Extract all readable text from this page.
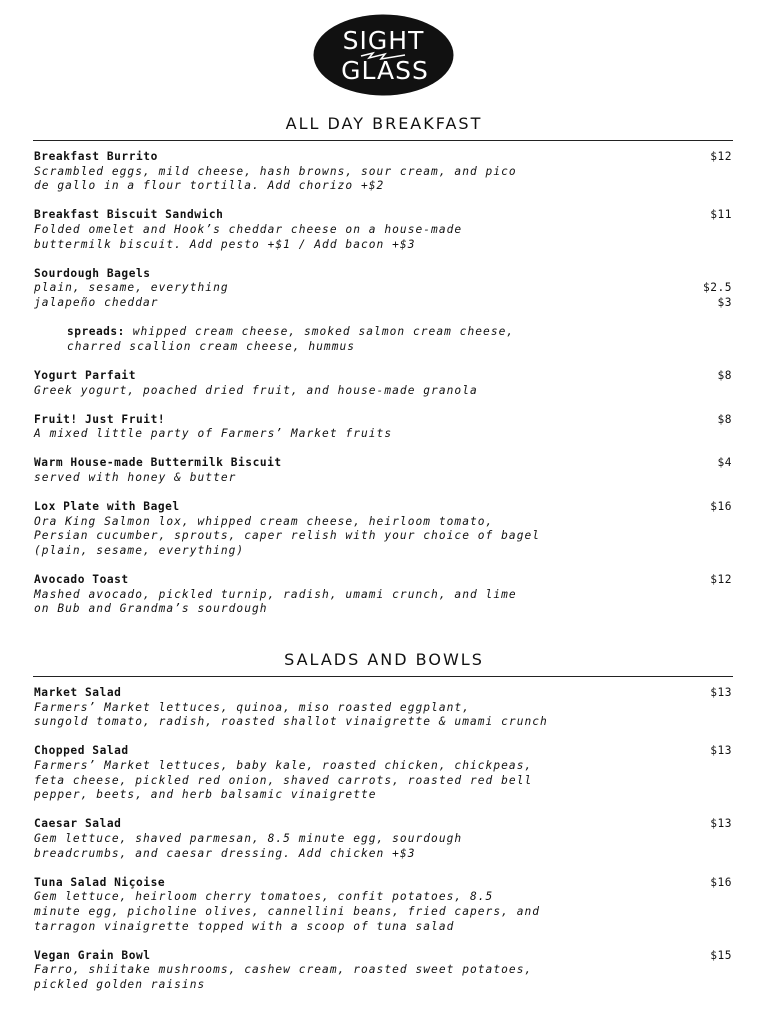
SIGHT
GLASS
ALL DAY BREAKFAST
Breakfast Burrito	$12
Scrambled eggs, mild cheese, hash browns, sour cream, and pico
de gallo in a flour tortilla. Add chorizo +$2
Breakfast Biscuit Sandwich	$11
Folded omelet and Hook’s cheddar cheese on a house-made
buttermilk biscuit. Add pesto +$1 / Add bacon +$3
Sourdough Bagels
plain, sesame, everything	$2.5
jalapeño cheddar	$3
spreads: whipped cream cheese, smoked salmon cream cheese,
charred scallion cream cheese, hummus
Yogurt Parfait	$8
Greek yogurt, poached dried fruit, and house-made granola
Fruit! Just Fruit!	$8
A mixed little party of Farmers’ Market fruits
Warm House-made Buttermilk Biscuit	$4
served with honey & butter
Lox Plate with Bagel	$16
Ora King Salmon lox, whipped cream cheese, heirloom tomato,
Persian cucumber, sprouts, caper relish with your choice of bagel
(plain, sesame, everything)
Avocado Toast	$12
Mashed avocado, pickled turnip, radish, umami crunch, and lime
on Bub and Grandma’s sourdough
SALADS AND BOWLS
Market Salad	$13
Farmers’ Market lettuces, quinoa, miso roasted eggplant,
sungold tomato, radish, roasted shallot vinaigrette & umami crunch
Chopped Salad	$13
Farmers’ Market lettuces, baby kale, roasted chicken, chickpeas,
feta cheese, pickled red onion, shaved carrots, roasted red bell
pepper, beets, and herb balsamic vinaigrette
Caesar Salad	$13
Gem lettuce, shaved parmesan, 8.5 minute egg, sourdough
breadcrumbs, and caesar dressing. Add chicken +$3
Tuna Salad Niçoise	$16
Gem lettuce, heirloom cherry tomatoes, confit potatoes, 8.5
minute egg, picholine olives, cannellini beans, fried capers, and
tarragon vinaigrette topped with a scoop of tuna salad
Vegan Grain Bowl	$15
Farro, shiitake mushrooms, cashew cream, roasted sweet potatoes,
pickled golden raisins
